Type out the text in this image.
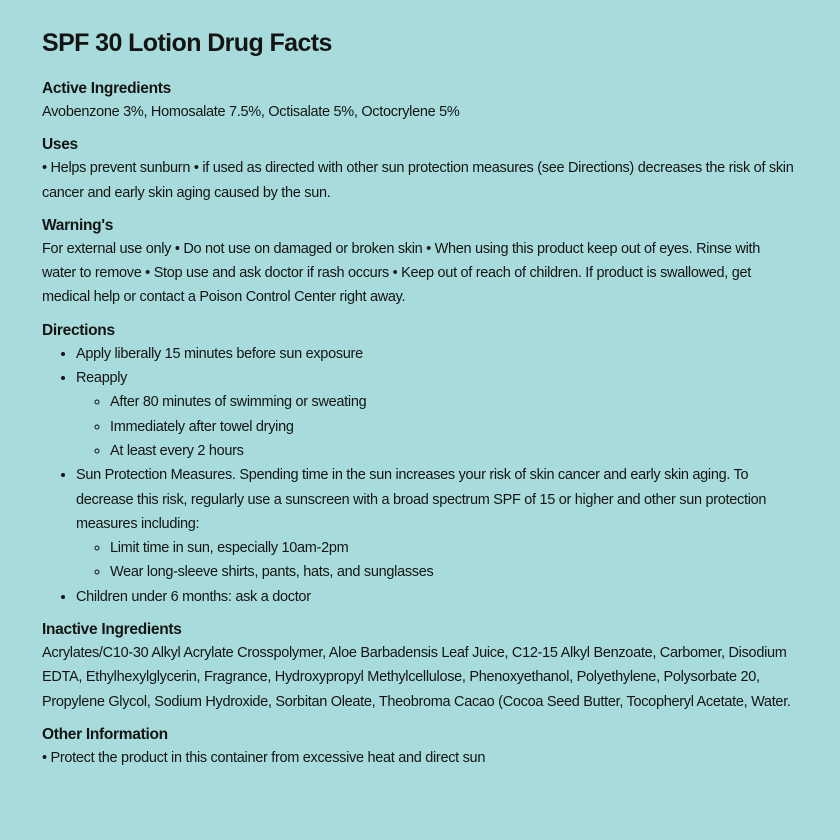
SPF 30 Lotion Drug Facts

Active Ingredients

Avobenzone 3%, Homosalate 7.5%, Octisalate 5%, Octocrylene 5%

Uses

• Helps prevent sunburn • if used as directed with other sun protection measures (see Directions) decreases the risk of skin cancer and early skin aging caused by the sun.

Warning's

For external use only • Do not use on damaged or broken skin • When using this product keep out of eyes. Rinse with water to remove • Stop use and ask doctor if rash occurs • Keep out of reach of children. If product is swallowed, get medical help or contact a Poison Control Center right away.

Directions

• Apply liberally 15 minutes before sun exposure
• Reapply
◦ After 80 minutes of swimming or sweating
◦ Immediately after towel drying
◦ At least every 2 hours
• Sun Protection Measures. Spending time in the sun increases your risk of skin cancer and early skin aging. To decrease this risk, regularly use a sunscreen with a broad spectrum SPF of 15 or higher and other sun protection measures including:
◦ Limit time in sun, especially 10am-2pm
◦ Wear long-sleeve shirts, pants, hats, and sunglasses
• Children under 6 months: ask a doctor

Inactive Ingredients

Acrylates/C10-30 Alkyl Acrylate Crosspolymer, Aloe Barbadensis Leaf Juice, C12-15 Alkyl Benzoate, Carbomer, Disodium EDTA, Ethylhexylglycerin, Fragrance, Hydroxypropyl Methylcellulose, Phenoxyethanol, Polyethylene, Polysorbate 20, Propylene Glycol, Sodium Hydroxide, Sorbitan Oleate, Theobroma Cacao (Cocoa Seed Butter, Tocopheryl Acetate, Water.

Other Information

• Protect the product in this container from excessive heat and direct sun
